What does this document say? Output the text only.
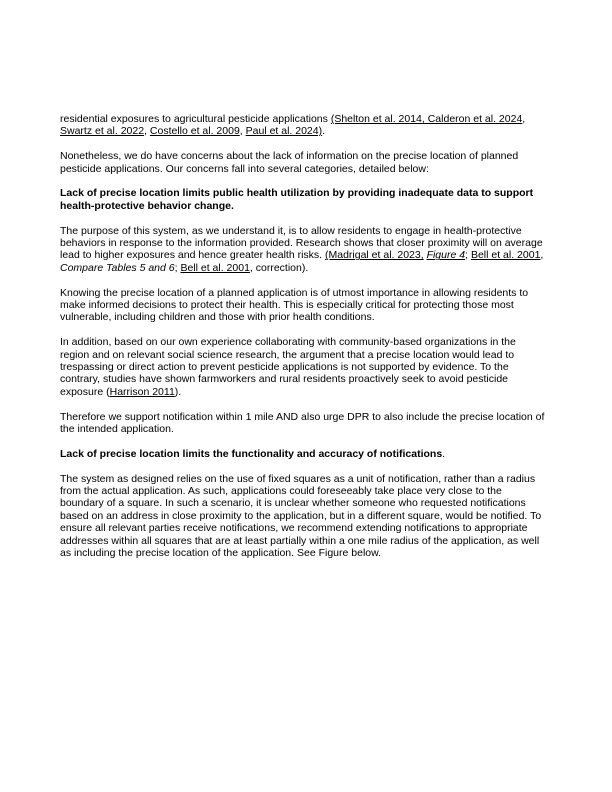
residential exposures to agricultural pesticide applications (Shelton et al. 2014, Calderon et al. 2024, Swartz et al. 2022, Costello et al. 2009, Paul et al. 2024).

Nonetheless, we do have concerns about the lack of information on the precise location of planned pesticide applications. Our concerns fall into several categories, detailed below:

Lack of precise location limits public health utilization by providing inadequate data to support health-protective behavior change.

The purpose of this system, as we understand it, is to allow residents to engage in health-protective behaviors in response to the information provided. Research shows that closer proximity will on average lead to higher exposures and hence greater health risks. (Madrigal et al. 2023, Figure 4; Bell et al. 2001, Compare Tables 5 and 6; Bell et al. 2001, correction).

Knowing the precise location of a planned application is of utmost importance in allowing residents to make informed decisions to protect their health. This is especially critical for protecting those most vulnerable, including children and those with prior health conditions.

In addition, based on our own experience collaborating with community-based organizations in the region and on relevant social science research, the argument that a precise location would lead to trespassing or direct action to prevent pesticide applications is not supported by evidence. To the contrary, studies have shown farmworkers and rural residents proactively seek to avoid pesticide exposure (Harrison 2011).

Therefore we support notification within 1 mile AND also urge DPR to also include the precise location of the intended application.

Lack of precise location limits the functionality and accuracy of notifications.

The system as designed relies on the use of fixed squares as a unit of notification, rather than a radius from the actual application. As such, applications could foreseeably take place very close to the boundary of a square. In such a scenario, it is unclear whether someone who requested notifications based on an address in close proximity to the application, but in a different square, would be notified. To ensure all relevant parties receive notifications, we recommend extending notifications to appropriate addresses within all squares that are at least partially within a one mile radius of the application, as well as including the precise location of the application. See Figure below.
